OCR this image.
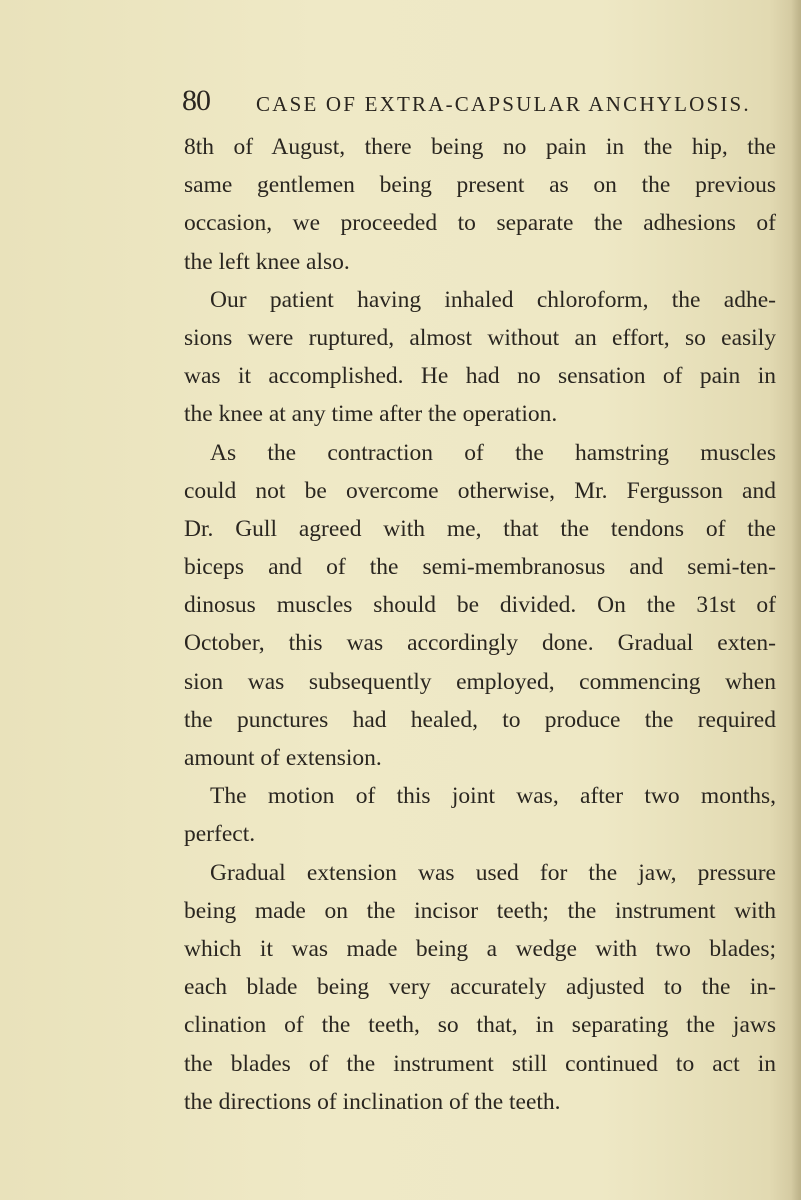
80 CASE OF EXTRA-CAPSULAR ANCHYLOSIS.
8th of August, there being no pain in the hip, the
same gentlemen being present as on the previous
occasion, we proceeded to separate the adhesions of
the left knee also.
Our patient having inhaled chloroform, the adhe-
sions were ruptured, almost without an effort, so easily
was it accomplished. He had no sensation of pain in
the knee at any time after the operation.
As the contraction of the hamstring muscles
could not be overcome otherwise, Mr. Fergusson and
Dr. Gull agreed with me, that the tendons of the
biceps and of the semi-membranosus and semi-ten-
dinosus muscles should be divided. On the 31st of
October, this was accordingly done. Gradual exten-
sion was subsequently employed, commencing when
the punctures had healed, to produce the required
amount of extension.
The motion of this joint was, after two months,
perfect.
Gradual extension was used for the jaw, pressure
being made on the incisor teeth; the instrument with
which it was made being a wedge with two blades;
each blade being very accurately adjusted to the in-
clination of the teeth, so that, in separating the jaws
the blades of the instrument still continued to act in
the directions of inclination of the teeth.
